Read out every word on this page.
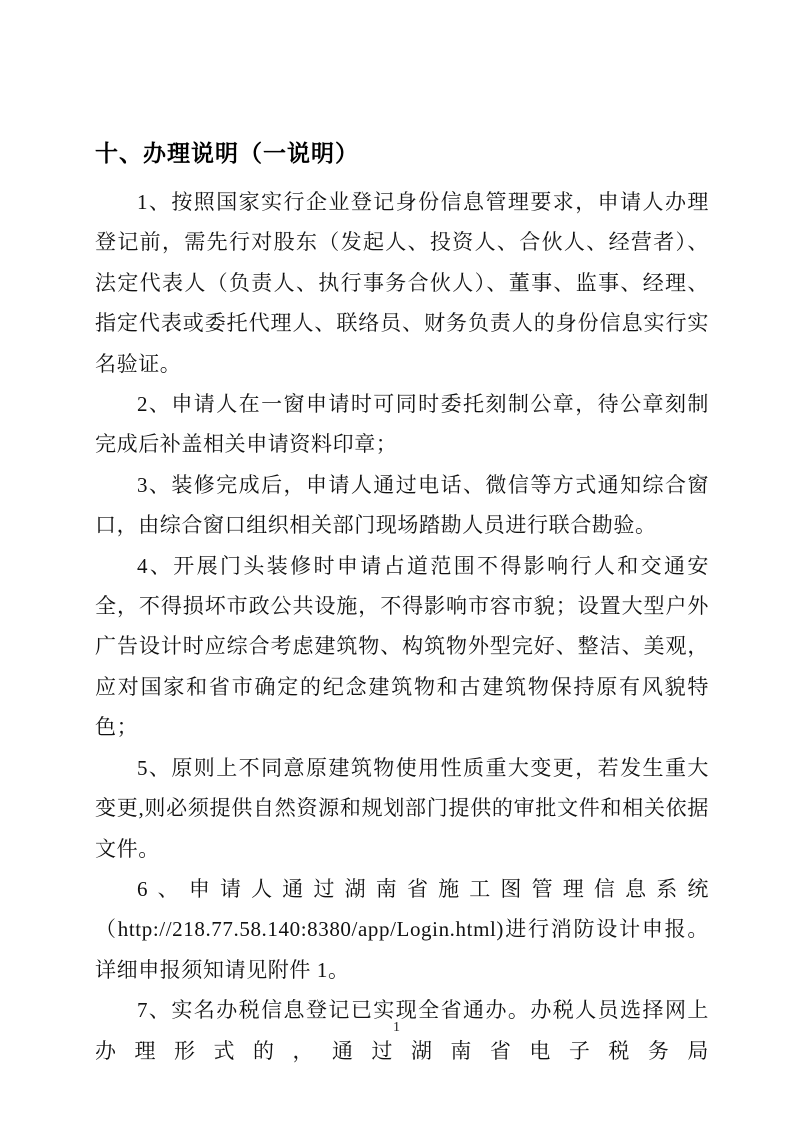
十、办理说明（一说明）

1、按照国家实行企业登记身份信息管理要求，申请人办理登记前，需先行对股东（发起人、投资人、合伙人、经营者）、法定代表人（负责人、执行事务合伙人）、董事、监事、经理、指定代表或委托代理人、联络员、财务负责人的身份信息实行实名验证。

2、申请人在一窗申请时可同时委托刻制公章，待公章刻制完成后补盖相关申请资料印章；

3、装修完成后，申请人通过电话、微信等方式通知综合窗口，由综合窗口组织相关部门现场踏勘人员进行联合勘验。

4、开展门头装修时申请占道范围不得影响行人和交通安全，不得损坏市政公共设施，不得影响市容市貌；设置大型户外广告设计时应综合考虑建筑物、构筑物外型完好、整洁、美观，应对国家和省市确定的纪念建筑物和古建筑物保持原有风貌特色；

5、原则上不同意原建筑物使用性质重大变更，若发生重大变更,则必须提供自然资源和规划部门提供的审批文件和相关依据文件。

6、申请人通过湖南省施工图管理信息系统（http://218.77.58.140:8380/app/Login.html)进行消防设计申报。详细申报须知请见附件 1。

7、实名办税信息登记已实现全省通办。办税人员选择网上办理形式的，通过湖南省电子税务局

1
